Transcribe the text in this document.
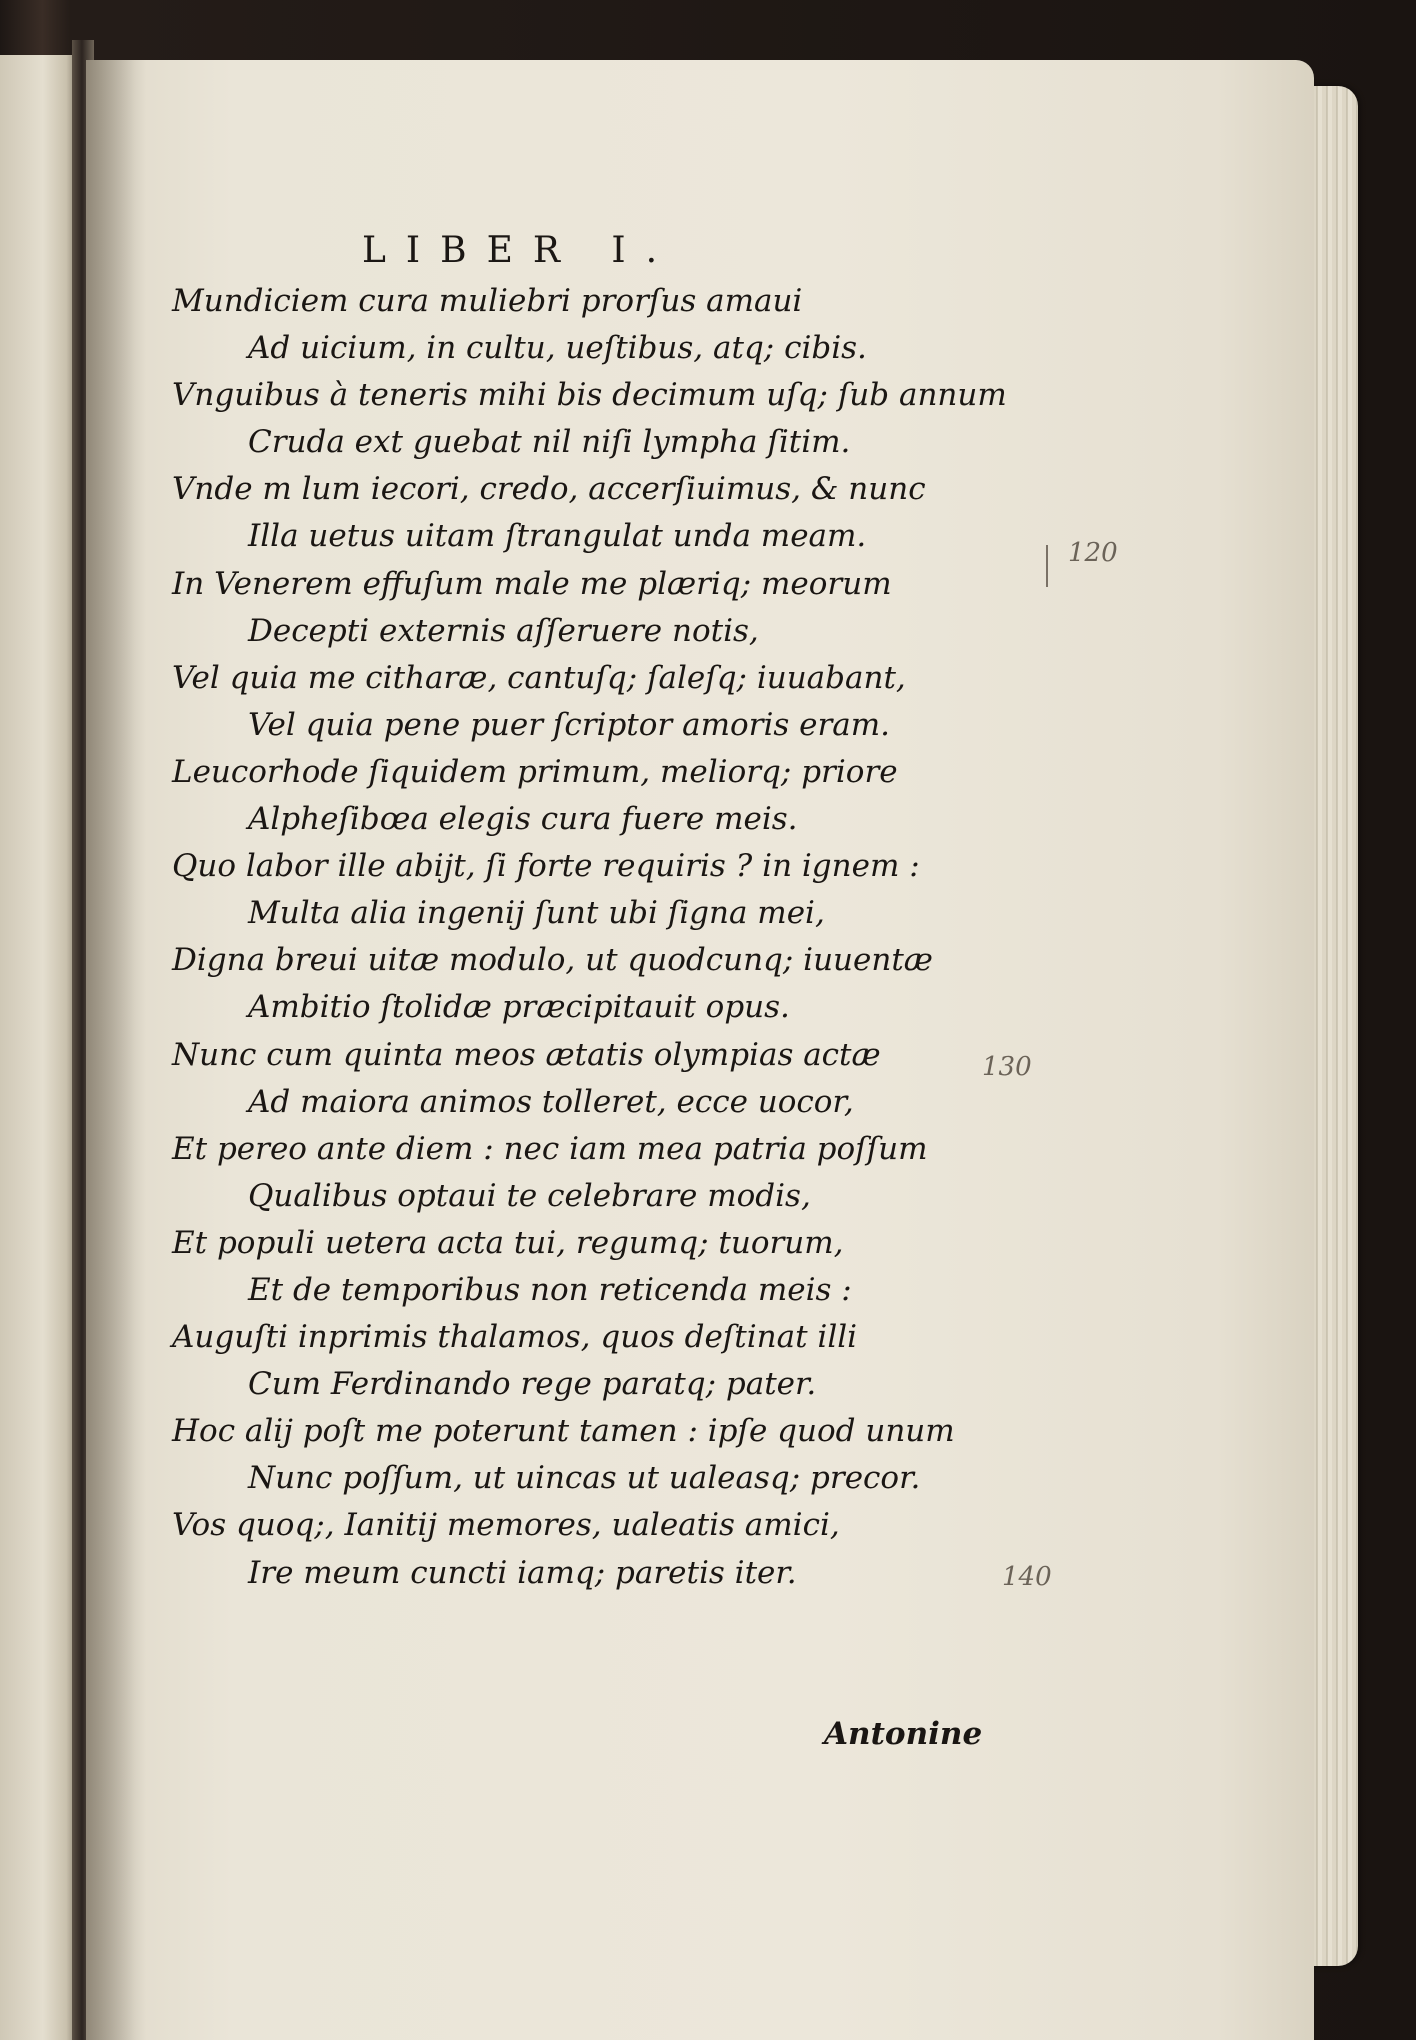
LIBER I.
Mundiciem cura muliebri prorſus amaui
Ad uicium, in cultu, ueſtibus, atq; cibis.
Vnguibus à teneris mihi bis decimum uſq; ſub annum
Cruda ext guebat nil niſi lympha ſitim.
Vnde m lum iecori, credo, accerſiuimus, & nunc
Illa uetus uitam ſtrangulat unda meam.
In Venerem effuſum male me plæriq; meorum
Decepti externis aſſeruere notis,
Vel quia me citharæ, cantuſq; ſaleſq; iuuabant,
Vel quia pene puer ſcriptor amoris eram.
Leucorhode ſiquidem primum, meliorq; priore
Alpheſibœa elegis cura fuere meis.
Quo labor ille abijt, ſi forte requiris ? in ignem :
Multa alia ingenij ſunt ubi ſigna mei,
Digna breui uitæ modulo, ut quodcunq; iuuentæ
Ambitio ſtolidæ præcipitauit opus.
Nunc cum quinta meos ætatis olympias actæ
Ad maiora animos tolleret, ecce uocor,
Et pereo ante diem : nec iam mea patria poſſum
Qualibus optaui te celebrare modis,
Et populi uetera acta tui, regumq; tuorum,
Et de temporibus non reticenda meis :
Auguſti inprimis thalamos, quos deſtinat illi
Cum Ferdinando rege paratq; pater.
Hoc alij poſt me poterunt tamen : ipſe quod unum
Nunc poſſum, ut uincas ut ualeasq; precor.
Vos quoq;, Ianitij memores, ualeatis amici,
Ire meum cuncti iamq; paretis iter.
120
130
140
Antonine
